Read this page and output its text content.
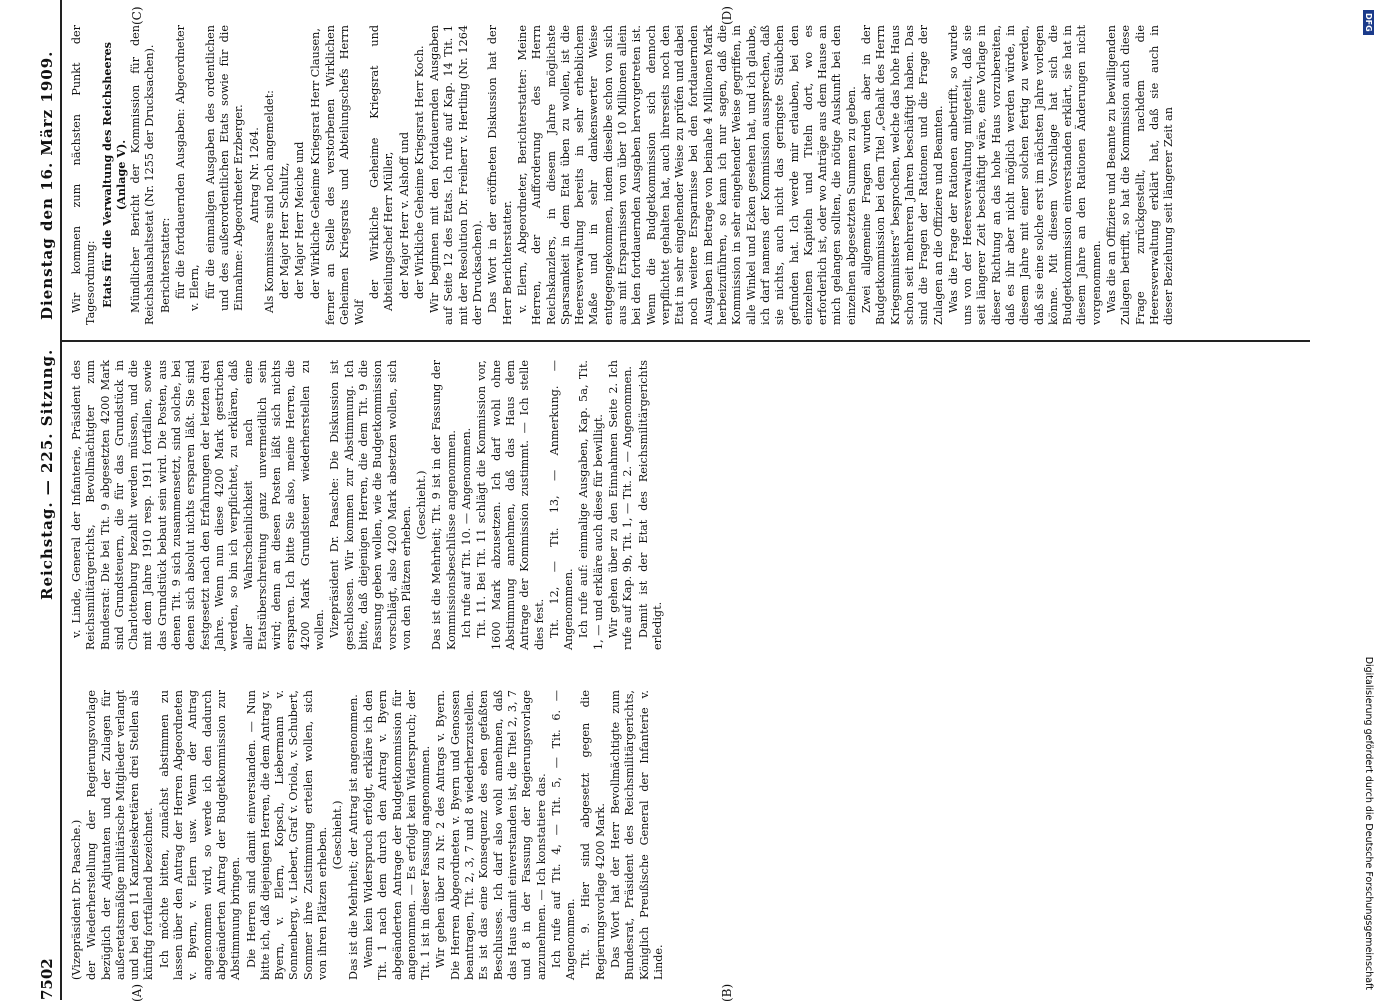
7502
Reichstag. — 225. Sitzung.
Dienstag den 16. März 1909.
(A)	(B)
(C)	(D)

(Vizepräsident Dr. Paasche.) der Wiederherstellung der Regierungsvorlage bezüglich der Adjutanten und der Zulagen für außeretatsmäßige militärische Mitglieder verlangt und bei den 11 Kanzleisekretären drei Stellen als künftig fortfallend bezeichnet. Ich möchte bitten, zunächst abstimmen zu lassen über den Antrag der Herren Abgeordneten v. Byern, v. Elern usw. Wenn der Antrag angenommen wird, so werde ich den dadurch abgeänderten Antrag der Budgetkommission zur Abstimmung bringen. Die Herren sind damit einverstanden. — Nun bitte ich, daß diejenigen Herren, die dem Antrag v. Byern, v. Elern, Kopsch, Liebermann v. Sonnenberg, v. Liebert, Graf v. Oriola, v. Schubert, Sommer ihre Zustimmung erteilen wollen, sich von ihren Plätzen erheben. (Geschieht.) Das ist die Mehrheit; der Antrag ist angenommen. Wenn kein Widerspruch erfolgt, erkläre ich den Tit. 1 nach dem durch den Antrag v. Byern abgeänderten Antrage der Budgetkommission für angenommen. — Es erfolgt kein Widerspruch; der Tit. 1 ist in dieser Fassung angenommen. Wir gehen über zu Nr. 2 des Antrags v. Byern. Die Herren Abgeordneten v. Byern und Genossen beantragen, Tit. 2, 3, 7 und 8 wiederherzustellen. Es ist das eine Konsequenz des eben gefaßten Beschlusses. Ich darf also wohl annehmen, daß das Haus damit einverstanden ist, die Titel 2, 3, 7 und 8 in der Fassung der Regierungsvorlage anzunehmen. — Ich konstatiere das. Ich rufe auf Tit. 4, — Tit. 5, — Tit. 6. — Angenommen. Tit. 9. Hier sind abgesetzt gegen die Regierungsvorlage 4200 Mark. Das Wort hat der Herr Bevollmächtigte zum Bundesrat, Präsident des Reichsmilitärgerichts, Königlich Preußische General der Infanterie v. Linde.

v. Linde, General der Infanterie, Präsident des Reichsmilitärgerichts, Bevollmächtigter zum Bundesrat: Die bei Tit. 9 abgesetzten 4200 Mark sind Grundsteuern, die für das Grundstück in Charlottenburg bezahlt werden müssen, und die mit dem Jahre 1910 resp. 1911 fortfallen, sowie das Grundstück bebaut sein wird. Die Posten, aus denen Tit. 9 sich zusammensetzt, sind solche, bei denen sich absolut nichts ersparen läßt. Sie sind festgesetzt nach den Erfahrungen der letzten drei Jahre. Wenn nun diese 4200 Mark gestrichen werden, so bin ich verpflichtet, zu erklären, daß aller Wahrscheinlichkeit nach eine Etatsüberschreitung ganz unvermeidlich sein wird; denn an diesen Posten läßt sich nichts ersparen. Ich bitte Sie also, meine Herren, die 4200 Mark Grundsteuer wiederherstellen zu wollen. Vizepräsident Dr. Paasche: Die Diskussion ist geschlossen. Wir kommen zur Abstimmung. Ich bitte, daß diejenigen Herren, die dem Tit. 9 die Fassung geben wollen, wie die Budgetkommission vorschlägt, also 4200 Mark absetzen wollen, sich von den Plätzen erheben.

(Geschieht.) Das ist die Mehrheit; Tit. 9 ist in der Fassung der Kommissionsbeschlüsse angenommen. Ich rufe auf Tit. 10. — Angenommen. Tit. 11. Bei Tit. 11 schlägt die Kommission vor, 1600 Mark abzusetzen. Ich darf wohl ohne Abstimmung annehmen, daß das Haus dem Antrage der Kommission zustimmt. — Ich stelle dies fest. Tit. 12, — Tit. 13, — Anmerkung. — Angenommen. Ich rufe auf: einmalige Ausgaben, Kap. 5a, Tit. 1, — und erkläre auch diese für bewilligt. Wir gehen über zu den Einnahmen Seite 2. Ich rufe auf Kap. 9b, Tit. 1, — Tit. 2. — Angenommen. Damit ist der Etat des Reichsmilitärgerichts erledigt.

Wir kommen zum nächsten Punkt der Tagesordnung: Etats für die Verwaltung des Reichsheeres (Anlage V). Mündlicher Bericht der Kommission für den Reichshaushaltsetat (Nr. 1255 der Drucksachen). Berichterstatter: für die fortdauernden Ausgaben: Abgeordneter v. Elern, für die einmaligen Ausgaben des ordentlichen und des außerordentlichen Etats sowie für die Einnahme: Abgeordneter Erzberger. Antrag Nr. 1264. Als Kommissare sind noch angemeldet: der Major Herr Schultz, der Major Herr Meiche und der Wirkliche Geheime Kriegsrat Herr Clausen, ferner an Stelle des verstorbenen Wirklichen Geheimen Kriegsrats und Abteilungschefs Herrn Wolf

der Wirkliche Geheime Kriegsrat und Abteilungschef Herr Müller, der Major Herr v. Alshoff und der Wirkliche Geheime Kriegsrat Herr Koch. Wir beginnen mit den fortdauernden Ausgaben auf Seite 12 des Etats. Ich rufe auf Kap. 14 Tit. 1 mit der Resolution Dr. Freiherr v. Hertling (Nr. 1264 der Drucksachen). Das Wort in der eröffneten Diskussion hat der Herr Berichterstatter. v. Elern, Abgeordneter, Berichterstatter: Meine Herren, der Aufforderung des Herrn Reichskanzlers, in diesem Jahre möglichste Sparsamkeit in dem Etat üben zu wollen, ist die Heeresverwaltung bereits in sehr erheblichem Maße und in sehr dankenswerter Weise entgegengekommen, indem dieselbe schon von sich aus mit Ersparnissen von über 10 Millionen allein bei den fortdauernden Ausgaben hervorgetreten ist. Wenn die Budgetkommission sich dennoch verpflichtet gehalten hat, auch ihrerseits noch den Etat in sehr eingehender Weise zu prüfen und dabei noch weitere Ersparnisse bei den fortdauernden Ausgaben im Betrage von beinahe 4 Millionen Mark herbeizuführen, so kann ich nur sagen, daß die Kommission in sehr eingehender Weise gegriffen, in alle Winkel und Ecken gesehen hat, und ich glaube, ich darf namens der Kommission aussprechen, daß sie nichts, auch nicht das geringste Stäubchen gefunden hat. Ich werde mir erlauben, bei den einzelnen Kapiteln und Titeln dort, wo es erforderlich ist, oder wo Anträge aus dem Hause an mich gelangen sollten, die nötige Auskunft bei den einzelnen abgesetzten Summen zu geben. Zwei allgemeine Fragen wurden aber in der Budgetkommission bei dem Titel „Gehalt des Herrn Kriegsministers“ besprochen, welche das hohe Haus schon seit mehreren Jahren beschäftigt haben. Das sind die Fragen der Rationen und die Frage der Zulagen an die Offiziere und Beamten. Was die Frage der Rationen anbetrifft, so wurde uns von der Heeresverwaltung mitgeteilt, daß sie seit längerer Zeit beschäftigt wäre, eine Vorlage in dieser Richtung an das hohe Haus vorzubereiten, daß es ihr aber nicht möglich werden würde, in diesem Jahre mit einer solchen fertig zu werden, daß sie eine solche erst im nächsten Jahre vorlegen könne. Mit diesem Vorschlage hat sich die Budgetkommission einverstanden erklärt, sie hat in diesem Jahre an den Rationen Änderungen nicht vorgenommen. Was die an Offiziere und Beamte zu bewilligenden Zulagen betrifft, so hat die Kommission auch diese Frage zurückgestellt, nachdem die Heeresverwaltung erklärt hat, daß sie auch in dieser Beziehung seit längerer Zeit an

DFG
Digitalisierung gefördert durch die Deutsche Forschungsgemeinschaft
